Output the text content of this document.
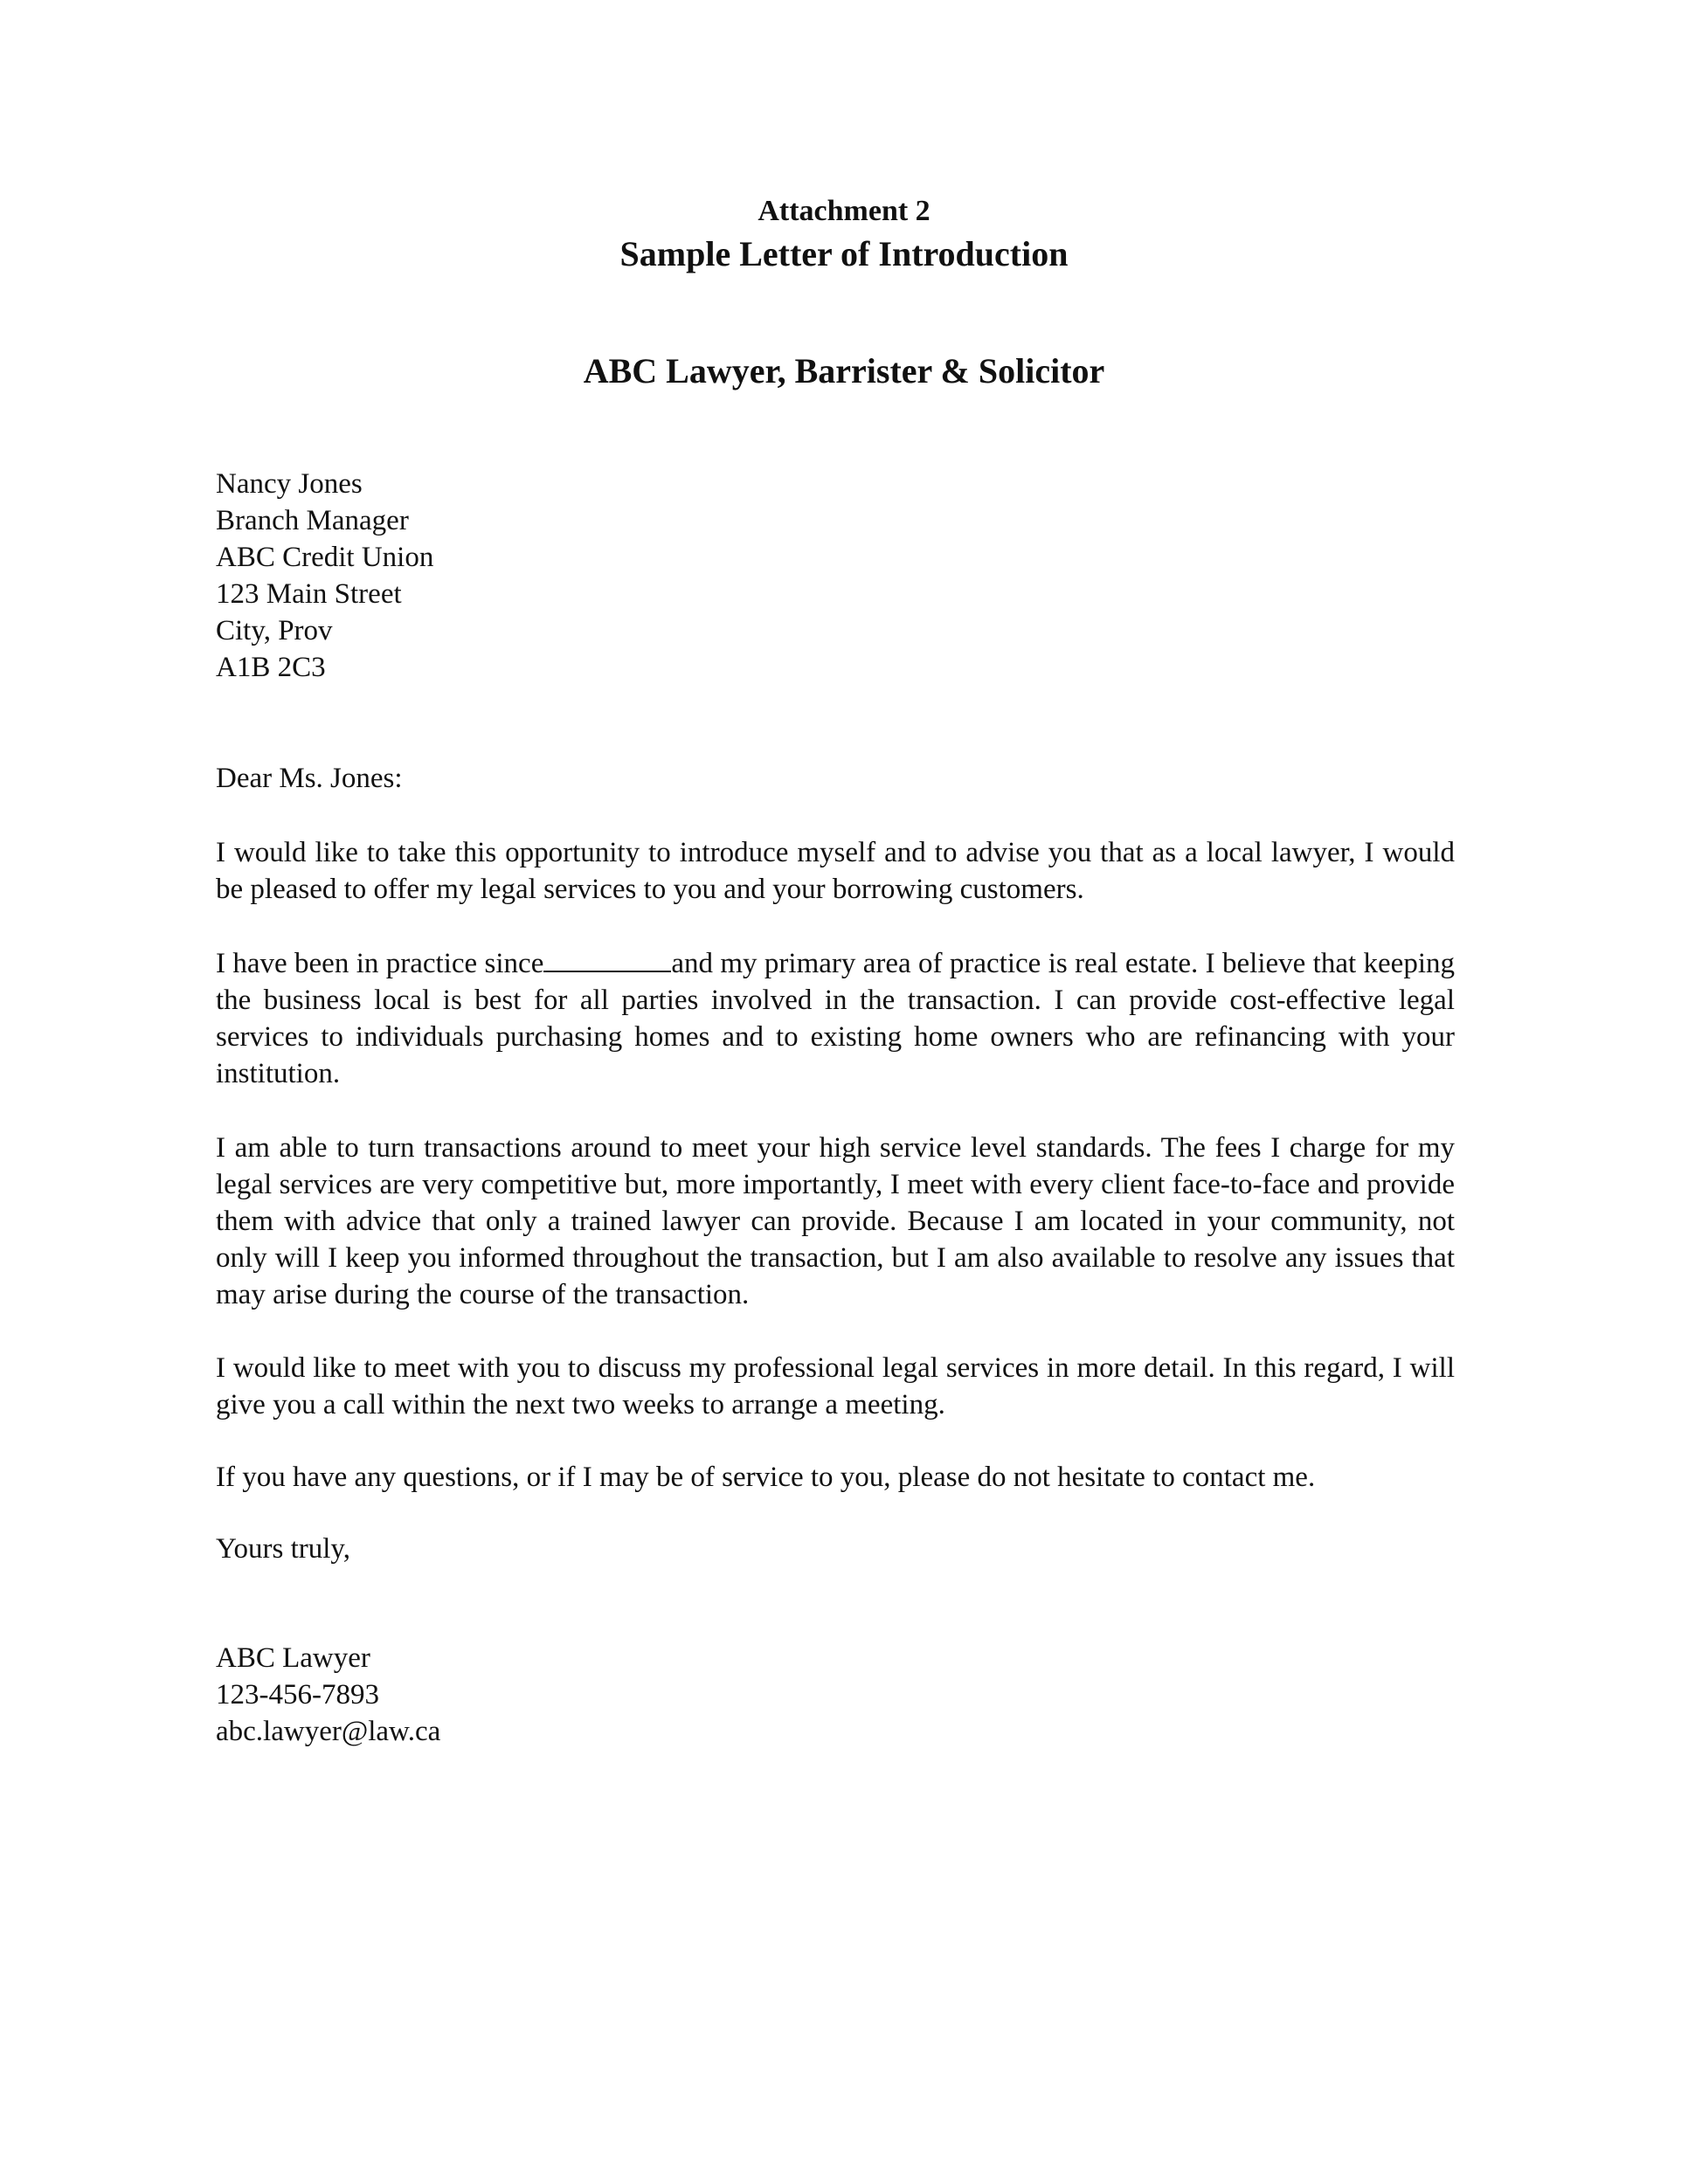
Attachment 2
Sample Letter of Introduction
ABC Lawyer, Barrister & Solicitor
Nancy Jones
Branch Manager
ABC Credit Union
123 Main Street
City, Prov
A1B 2C3

Dear Ms. Jones:

I would like to take this opportunity to introduce myself and to advise you that as a local lawyer, I would be pleased to offer my legal services to you and your borrowing customers.

I have been in practice since	and my primary area of practice is real estate. I believe that keeping the business local is best for all parties involved in the transaction. I can provide cost-effective legal services to individuals purchasing homes and to existing home owners who are refinancing with your institution.

I am able to turn transactions around to meet your high service level standards. The fees I charge for my legal services are very competitive but, more importantly, I meet with every client face-to-face and provide them with advice that only a trained lawyer can provide. Because I am located in your community, not only will I keep you informed throughout the transaction, but I am also available to resolve any issues that may arise during the course of the transaction.

I would like to meet with you to discuss my professional legal services in more detail. In this regard, I will give you a call within the next two weeks to arrange a meeting.

If you have any questions, or if I may be of service to you, please do not hesitate to contact me.

Yours truly,

ABC Lawyer
123-456-7893
abc.lawyer@law.ca
